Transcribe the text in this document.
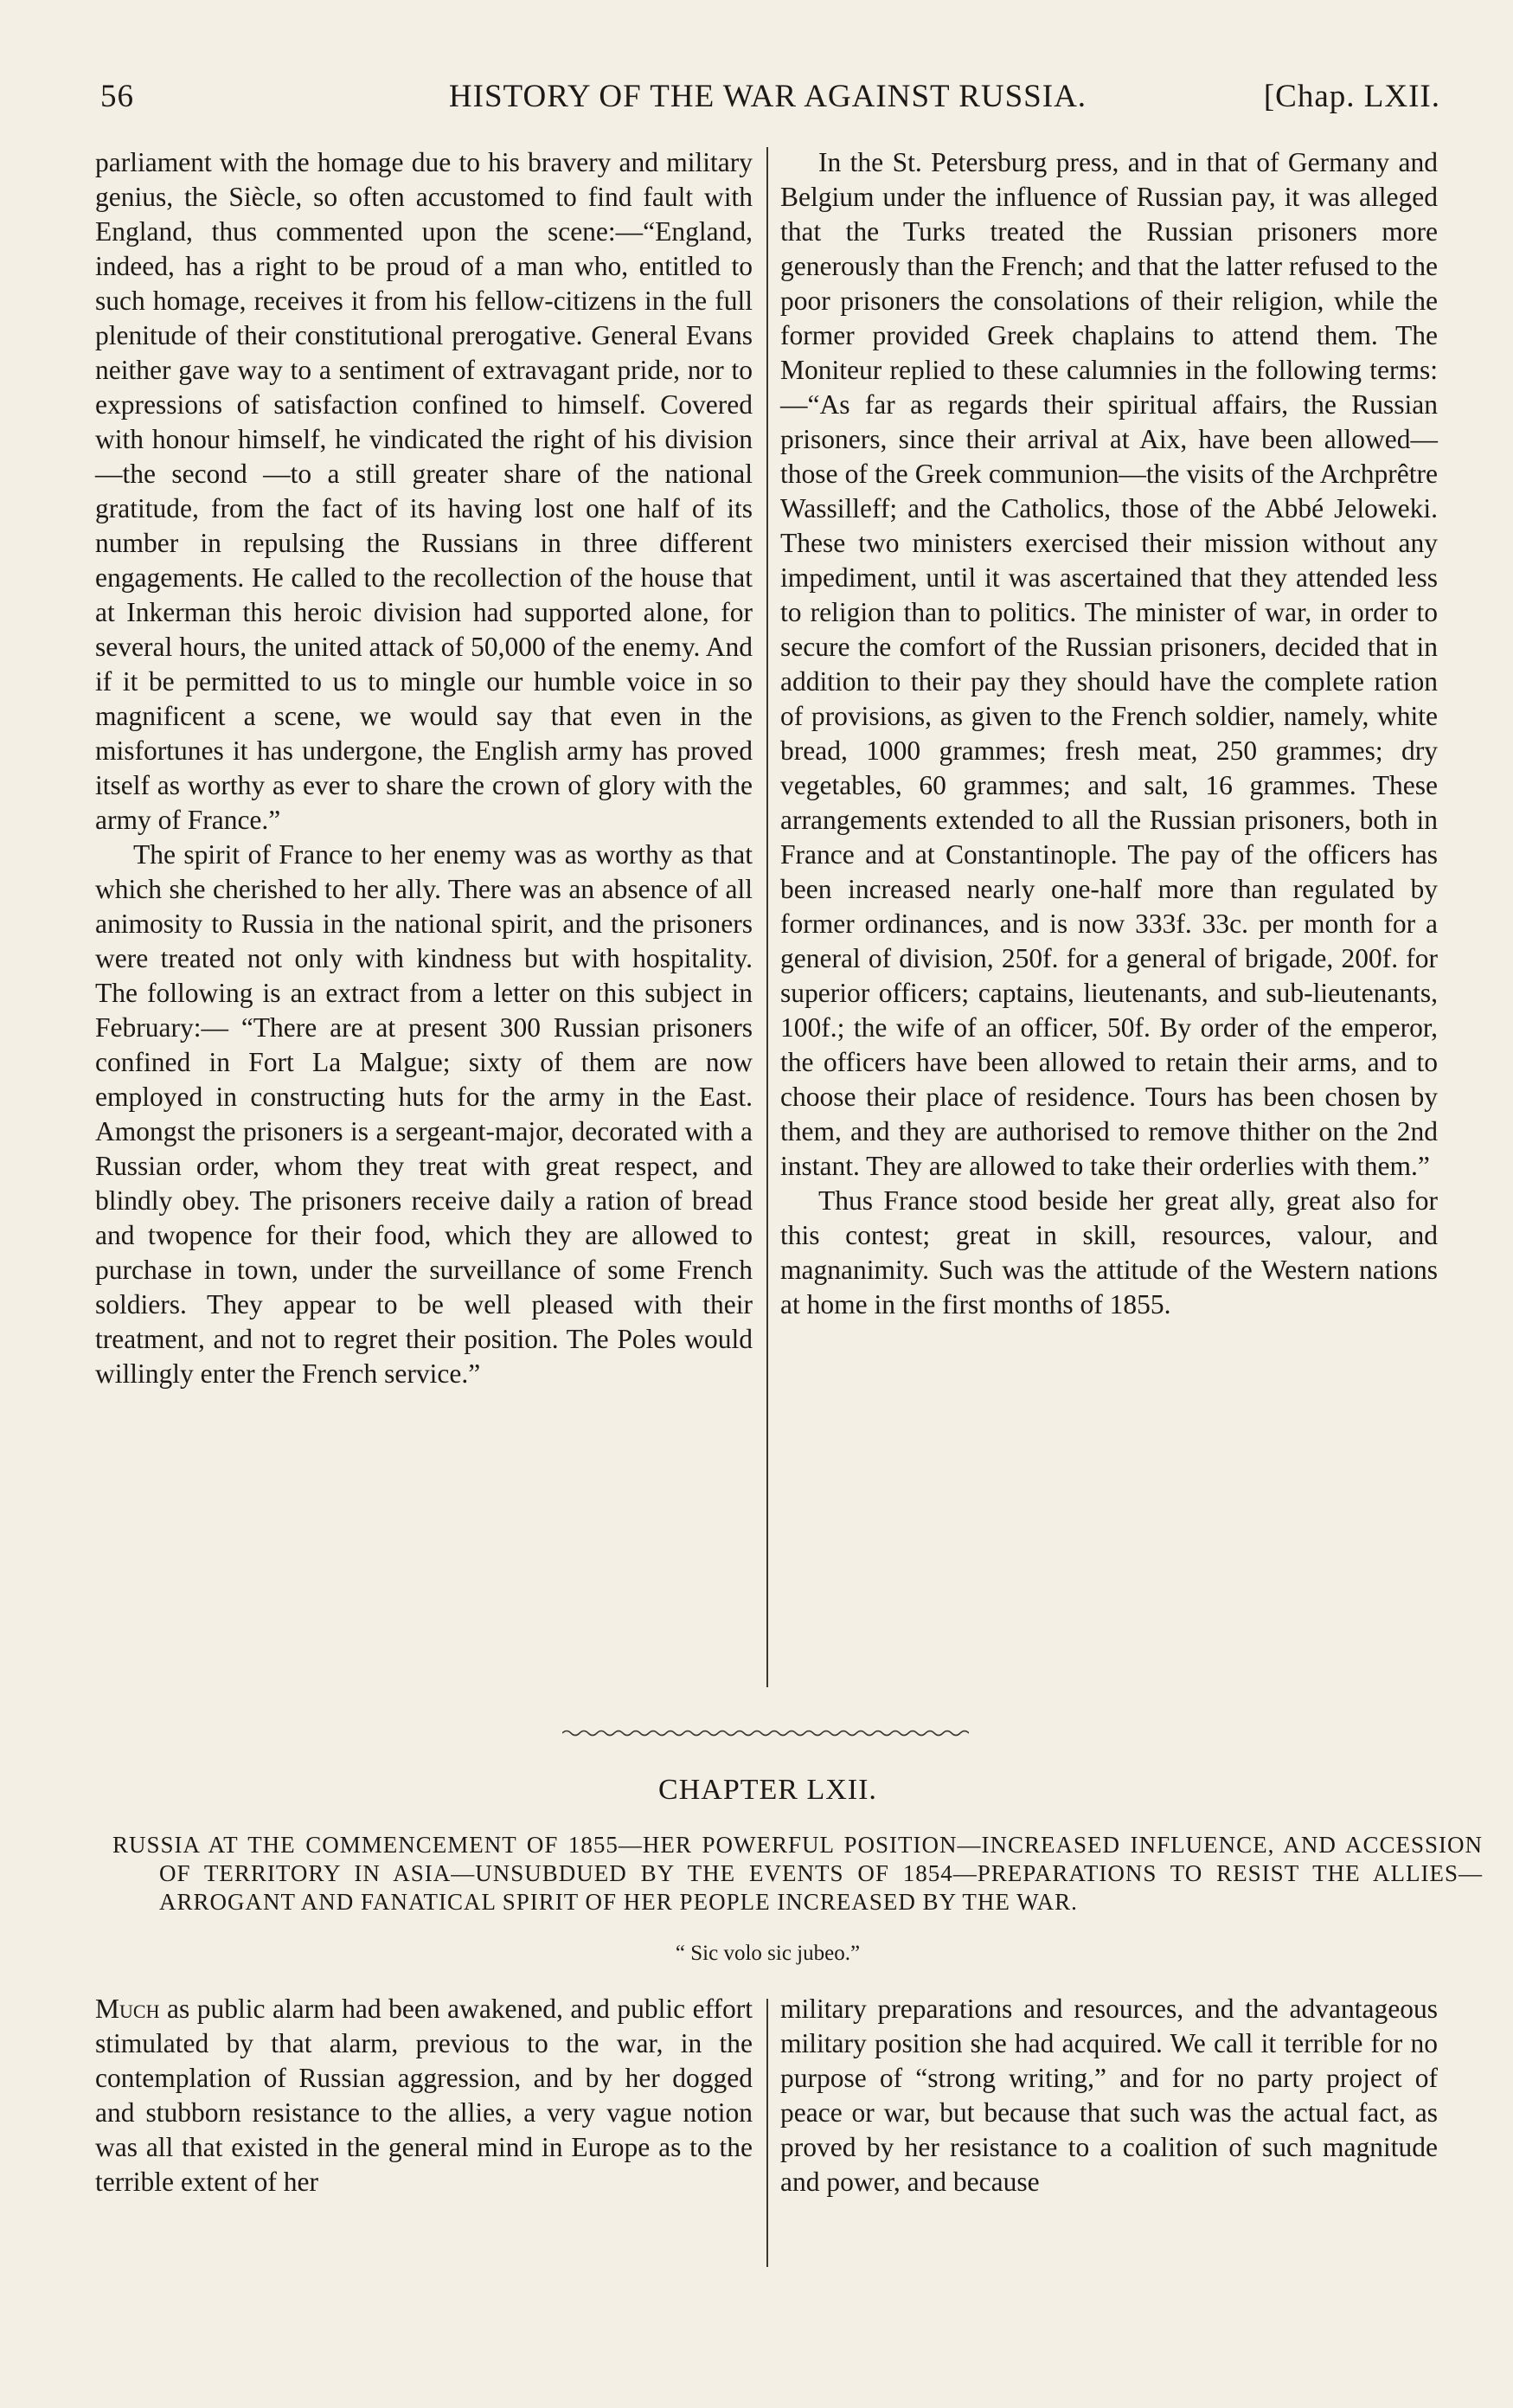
56	HISTORY OF THE WAR AGAINST RUSSIA.	[Chap. LXII.

parliament with the homage due to his bravery and military genius, the Siècle, so often accustomed to find fault with England, thus commented upon the scene:—“England, indeed, has a right to be proud of a man who, entitled to such homage, receives it from his fellow-citizens in the full plenitude of their constitutional prerogative. General Evans neither gave way to a sentiment of extravagant pride, nor to expressions of satisfaction confined to himself. Covered with honour himself, he vindicated the right of his division—the second —to a still greater share of the national gratitude, from the fact of its having lost one half of its number in repulsing the Russians in three different engagements. He called to the recollection of the house that at Inkerman this heroic division had supported alone, for several hours, the united attack of 50,000 of the enemy. And if it be permitted to us to mingle our humble voice in so magnificent a scene, we would say that even in the misfortunes it has undergone, the English army has proved itself as worthy as ever to share the crown of glory with the army of France.”

The spirit of France to her enemy was as worthy as that which she cherished to her ally. There was an absence of all animosity to Russia in the national spirit, and the prisoners were treated not only with kindness but with hospitality. The following is an extract from a letter on this subject in February:— “There are at present 300 Russian prisoners confined in Fort La Malgue; sixty of them are now employed in constructing huts for the army in the East. Amongst the prisoners is a sergeant-major, decorated with a Russian order, whom they treat with great respect, and blindly obey. The prisoners receive daily a ration of bread and twopence for their food, which they are allowed to purchase in town, under the surveillance of some French soldiers. They appear to be well pleased with their treatment, and not to regret their position. The Poles would willingly enter the French service.”

In the St. Petersburg press, and in that of Germany and Belgium under the influence of Russian pay, it was alleged that the Turks treated the Russian prisoners more generously than the French; and that the latter refused to the poor prisoners the consolations of their religion, while the former provided Greek chaplains to attend them. The Moniteur replied to these calumnies in the following terms:—“As far as regards their spiritual affairs, the Russian prisoners, since their arrival at Aix, have been allowed—those of the Greek communion—the visits of the Archprêtre Wassilleff; and the Catholics, those of the Abbé Jeloweki. These two ministers exercised their mission without any impediment, until it was ascertained that they attended less to religion than to politics. The minister of war, in order to secure the comfort of the Russian prisoners, decided that in addition to their pay they should have the complete ration of provisions, as given to the French soldier, namely, white bread, 1000 grammes; fresh meat, 250 grammes; dry vegetables, 60 grammes; and salt, 16 grammes. These arrangements extended to all the Russian prisoners, both in France and at Constantinople. The pay of the officers has been increased nearly one-half more than regulated by former ordinances, and is now 333f. 33c. per month for a general of division, 250f. for a general of brigade, 200f. for superior officers; captains, lieutenants, and sub-lieutenants, 100f.; the wife of an officer, 50f. By order of the emperor, the officers have been allowed to retain their arms, and to choose their place of residence. Tours has been chosen by them, and they are authorised to remove thither on the 2nd instant. They are allowed to take their orderlies with them.”

Thus France stood beside her great ally, great also for this contest; great in skill, resources, valour, and magnanimity. Such was the attitude of the Western nations at home in the first months of 1855.

CHAPTER LXII.
RUSSIA AT THE COMMENCEMENT OF 1855—HER POWERFUL POSITION—INCREASED INFLUENCE, AND ACCESSION OF TERRITORY IN ASIA—UNSUBDUED BY THE EVENTS OF 1854—PREPARATIONS TO RESIST THE ALLIES—ARROGANT AND FANATICAL SPIRIT OF HER PEOPLE INCREASED BY THE WAR.
“ Sic volo sic jubeo.”

Much as public alarm had been awakened, and public effort stimulated by that alarm, previous to the war, in the contemplation of Russian aggression, and by her dogged and stubborn resistance to the allies, a very vague notion was all that existed in the general mind in Europe as to the terrible extent of her

military preparations and resources, and the advantageous military position she had acquired. We call it terrible for no purpose of “strong writing,” and for no party project of peace or war, but because that such was the actual fact, as proved by her resistance to a coalition of such magnitude and power, and because
